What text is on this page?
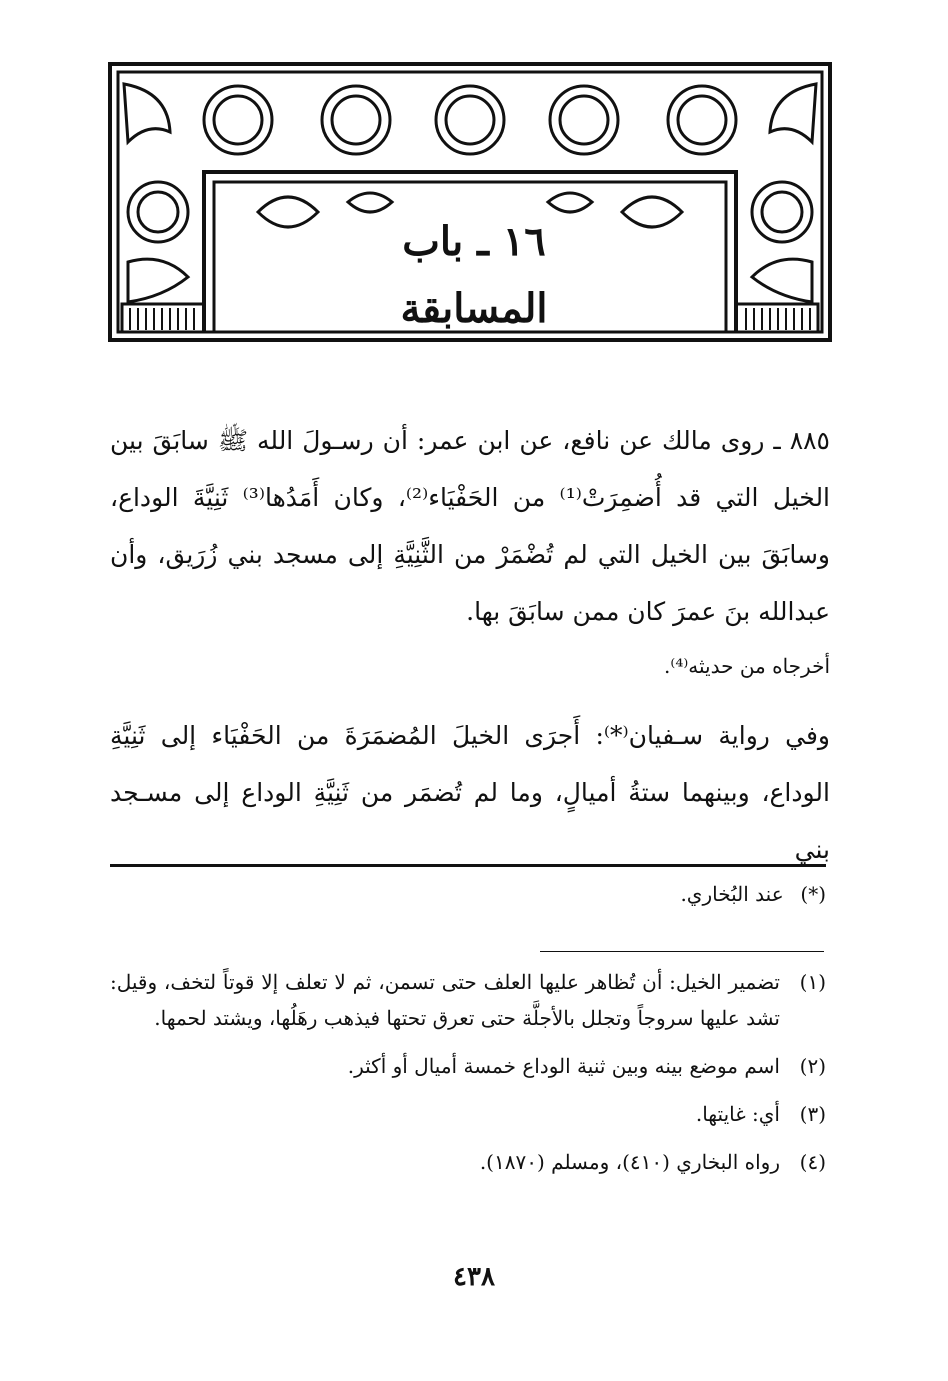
١٦ ـ باب
المسابقة
٨٨٥ ـ روى مالك عن نافع، عن ابن عمر: أن رسـولَ الله ﷺ سابَقَ بين الخيل التي قد أُضمِرَتْ⁽¹⁾ من الحَفْيَاء⁽²⁾، وكان أَمَدُها⁽³⁾ ثَنِيَّةَ الوداع، وسابَقَ بين الخيل التي لم تُضْمَرْ من الثَّنِيَّةِ إلى مسجد بني زُرَيق، وأن عبدالله بنَ عمرَ كان ممن سابَقَ بها.
أخرجاه من حديثه⁽⁴⁾.
وفي رواية سـفيان⁽*⁾: أَجرَى الخيلَ المُضمَرَةَ من الحَفْيَاء إلى ثَنِيَّةِ الوداع، وبينهما ستةُ أميالٍ، وما لم تُضمَر من ثَنِيَّةِ الوداع إلى مسـجد بني
(*) عند البُخاري.
(١)
تضمير الخيل: أن تُظاهر عليها العلف حتى تسمن، ثم لا تعلف إلا قوتاً لتخف، وقيل: تشد عليها سروجاً وتجلل بالأجلَّة حتى تعرق تحتها فيذهب رهَلُها، ويشتد لحمها.
(٢)
اسم موضع بينه وبين ثنية الوداع خمسة أميال أو أكثر.
(٣)
أي: غايتها.
(٤)
رواه البخاري (٤١٠)، ومسلم (١٨٧٠).
٤٣٨
